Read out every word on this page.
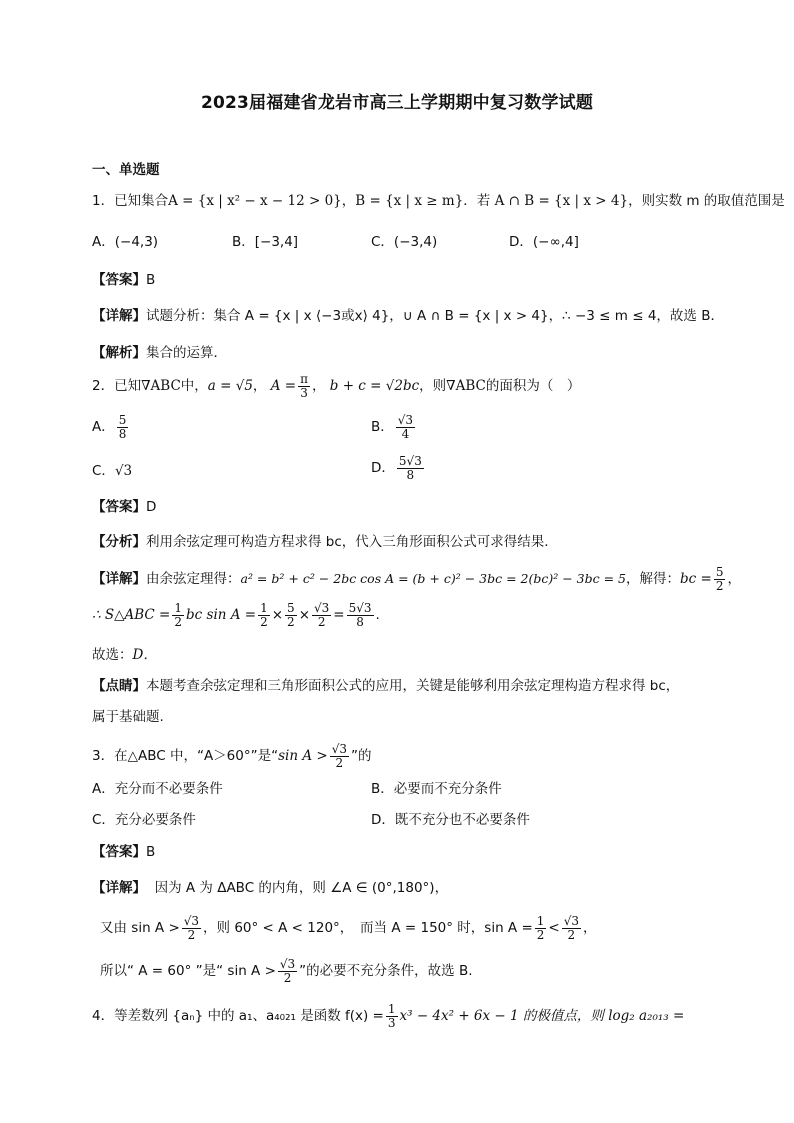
2023届福建省龙岩市高三上学期期中复习数学试题
一、单选题
1．已知集合A = {x | x² − x − 12 > 0}，B = {x | x ≥ m}．若 A ∩ B = {x | x > 4}，则实数 m 的取值范围是
A．(−4,3)	B．[−3,4]	C．(−3,4)	D．(−∞,4]
【答案】B
【详解】试题分析：集合 A = {x | x ⟨−3或x⟩ 4}，∪ A ∩ B = {x | x > 4}，∴ −3 ≤ m ≤ 4，故选 B．
【解析】集合的运算．
2．已知∇ABC中，a = √5， $A = \frac{\pi}{3}$ ， b + c = √2bc，则∇ABC的面积为（　）
A． $\frac{5}{8}$	B． $\frac{√3}{4}$
C．√3	D． $\frac{5√3}{8}$
【答案】D
【分析】利用余弦定理可构造方程求得 bc，代入三角形面积公式可求得结果.
【详解】由余弦定理得：a² = b² + c² − 2bc cos A = (b + c)² − 3bc = 2(bc)² − 3bc = 5，解得：bc = $\frac{5}{2}$ ，
∴ S△ABC = $\frac{1}{2}$ bc $\sin A = \frac{1}{2} \times \frac{5}{2} \times \frac{√3}{2} = \frac{5√3}{8}$ .
故选：D．
【点睛】本题考查余弦定理和三角形面积公式的应用，关键是能够利用余弦定理构造方程求得 bc，
属于基础题.
3．在△ABC 中，“A＞60°”是“sin $A > \frac{√3}{2}$ ”的
A．充分而不必要条件	B．必要而不充分条件
C．充分必要条件	D．既不充分也不必要条件
【答案】B
【详解】 因为 A 为 ΔABC 的内角，则 ∠A ∈ (0°,180°)，
又由 $\sin A > \frac{√3}{2}$ ，则 60° < A < 120°，　而当 A = 150° 时，$\sin A = \frac{1}{2} < \frac{√3}{2}$ ，
所以“ A = 60° ”是“ $\sin A > \frac{√3}{2}$ ”的必要不充分条件，故选 B.
4．等差数列 {aₙ} 中的 a₁、a₄₀₂₁ 是函数 $f(x) = \frac{1}{3} x^3 - 4x^2 + 6x - 1$ 的极值点，则 log₂ a₂₀₁₃ =
